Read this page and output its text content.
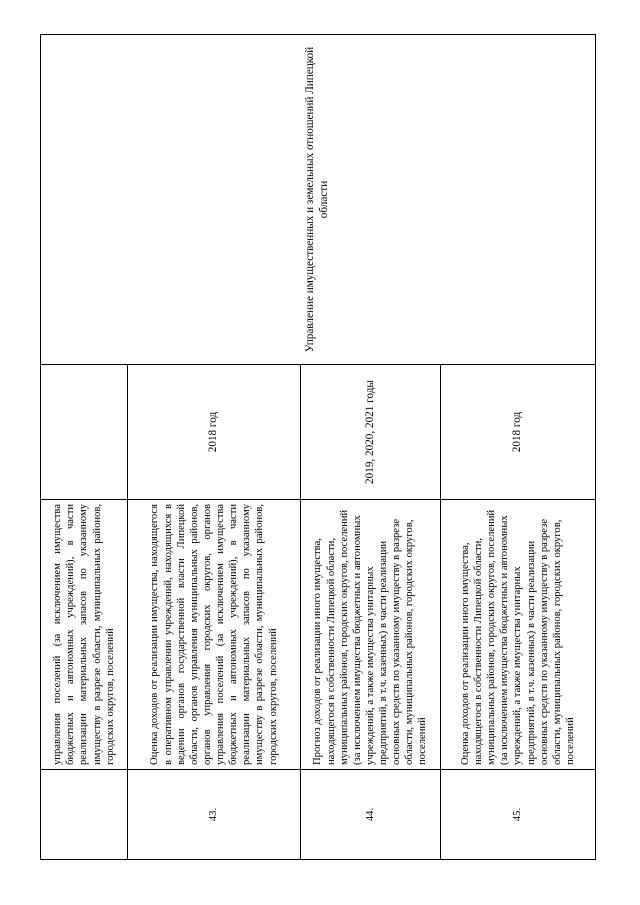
	управления поселений (за исключением имущества бюджетных и автономных учреждений), в части реализации материальных запасов по указанному имуществу в разрезе области, муниципальных районов, городских округов, поселений		Управление имущественных и земельных отношений Липецкой области
43.	Оценка доходов от реализации имущества, находящегося в оперативном управлении учреждений, находящихся в ведении органов государственной власти Липецкой области, органов управления муниципальных районов, органов управления городских округов, органов управления поселений (за исключением имущества бюджетных и автономных учреждений), в части реализации материальных запасов по указанному имуществу в разрезе области, муниципальных районов, городских округов, поселений	2018 год	
44.	Прогноз доходов от реализации иного имущества, находящегося в собственности Липецкой области, муниципальных районов, городских округов, поселений (за исключением имущества бюджетных и автономных учреждений, а также имущества унитарных предприятий, в т.ч. казенных) в части реализации основных средств по указанному имуществу в разрезе области, муниципальных районов, городских округов, поселений	2019, 2020, 2021 годы	
45.	Оценка доходов от реализации иного имущества, находящегося в собственности Липецкой области, муниципальных районов, городских округов, поселений (за исключением имущества бюджетных и автономных учреждений, а также имущества унитарных предприятий, в т.ч. казенных) в части реализации основных средств по указанному имуществу в разрезе области, муниципальных районов, городских округов, поселений	2018 год	
